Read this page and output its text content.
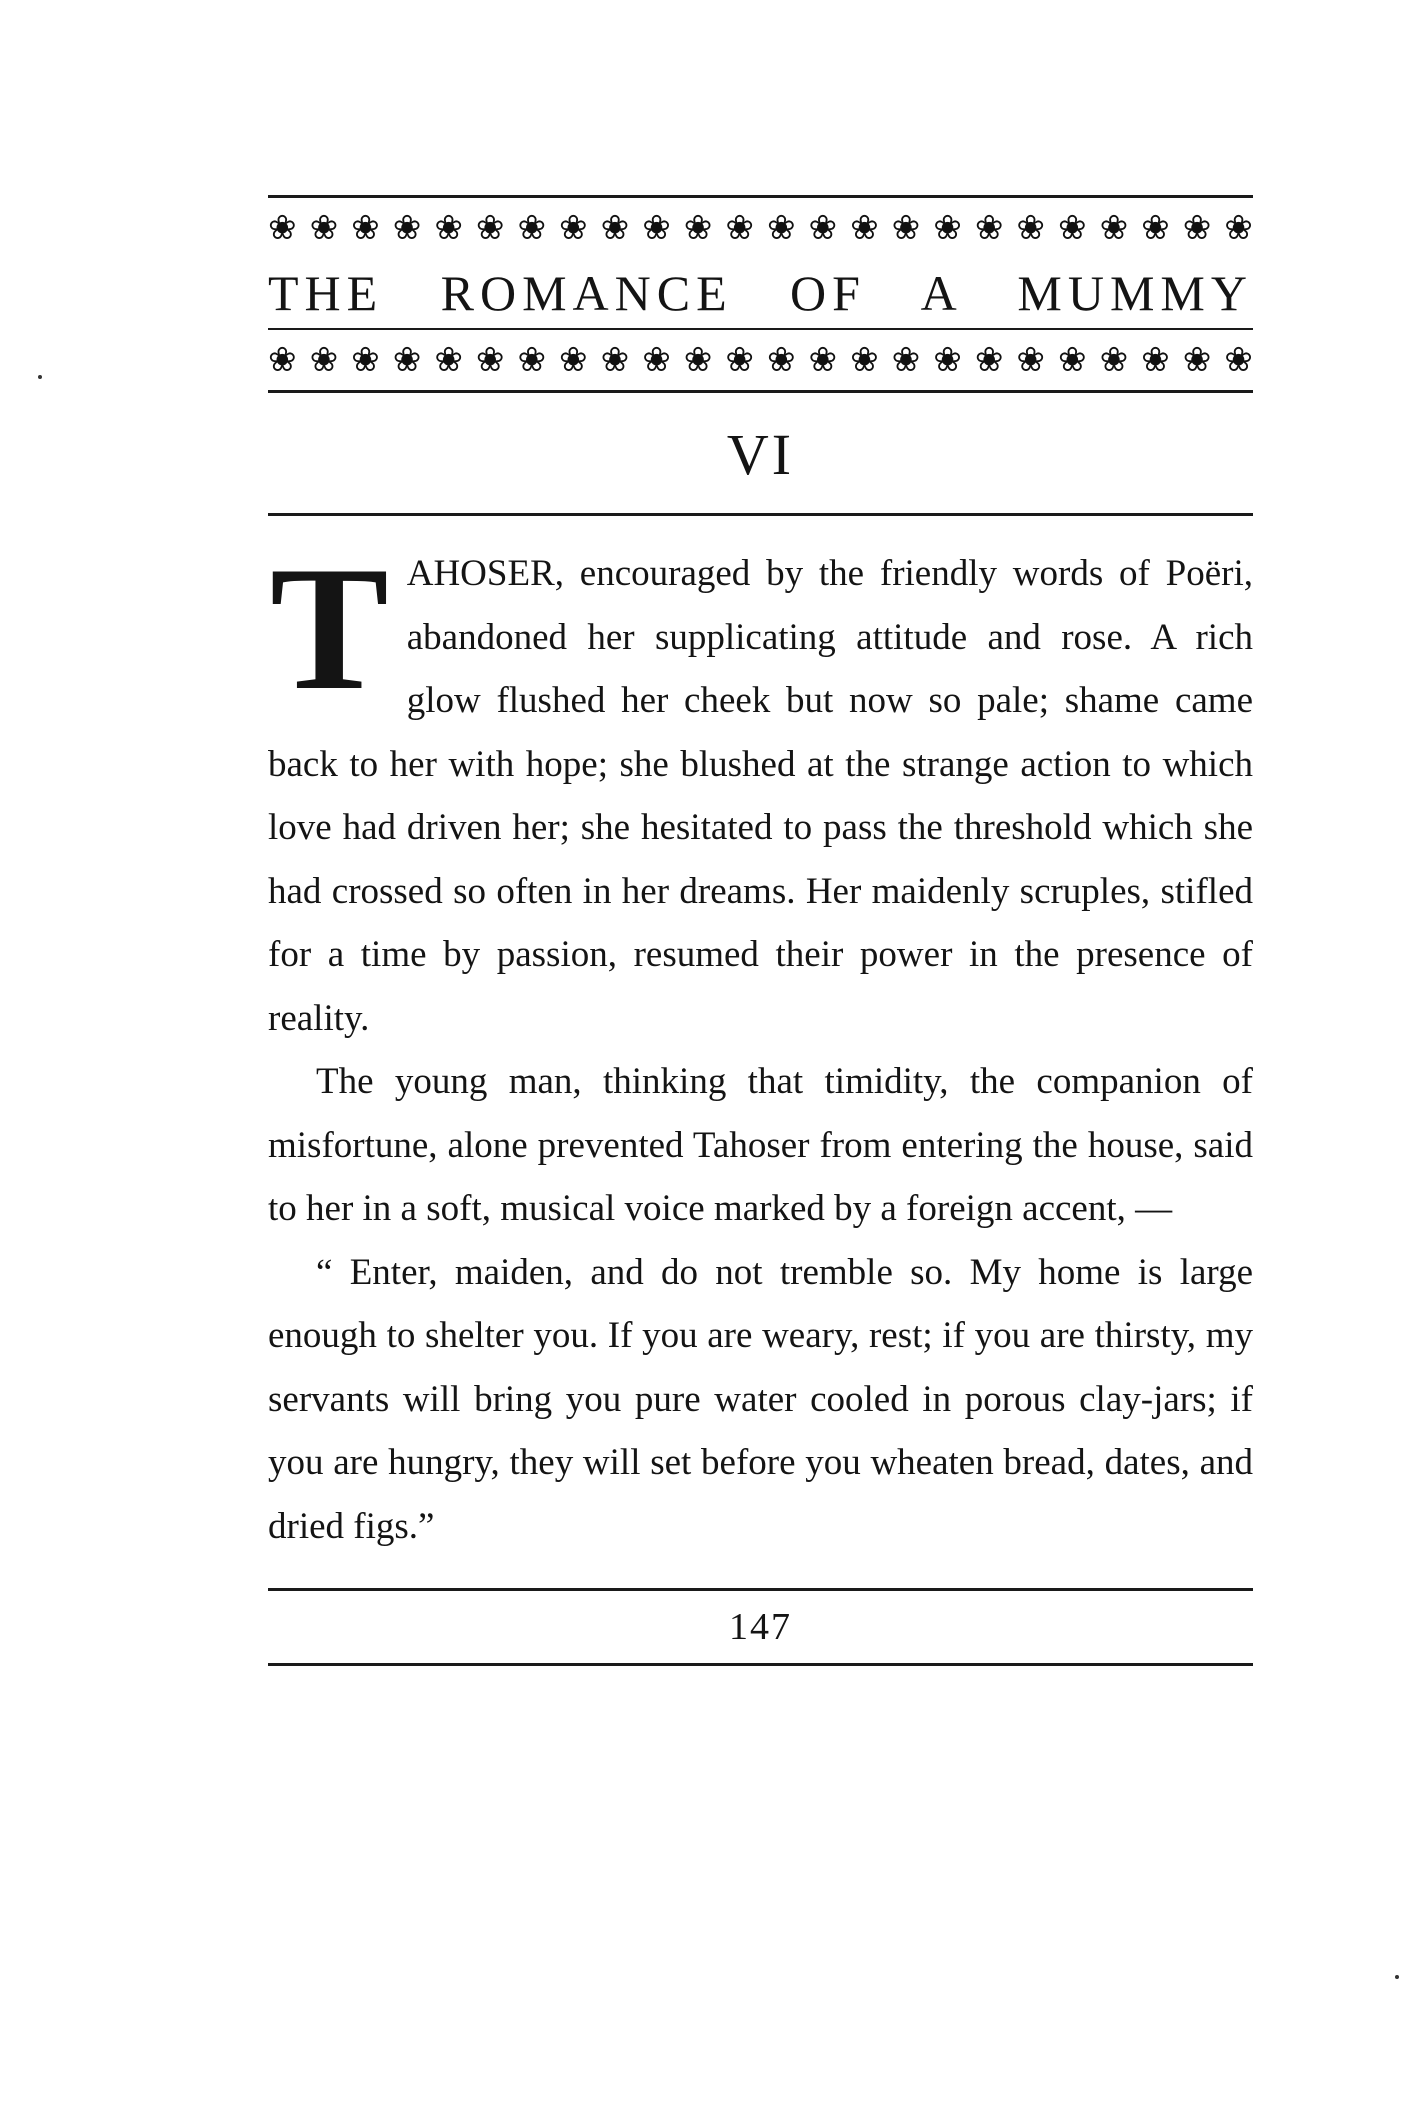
❀ ❀ ❀ ❀ ❀ ❀ ❀ ❀ ❀ ❀ ❀ ❀ ❀ ❀ ❀ ❀ ❀ ❀ ❀ ❀ ❀ ❀ ❀ ❀
THE ROMANCE OF A MUMMY
❀ ❀ ❀ ❀ ❀ ❀ ❀ ❀ ❀ ❀ ❀ ❀ ❀ ❀ ❀ ❀ ❀ ❀ ❀ ❀ ❀ ❀ ❀ ❀
VI

TAHOSER, encouraged by the friendly words of Poëri, abandoned her supplicating attitude and rose. A rich glow flushed her cheek but now so pale; shame came back to her with hope; she blushed at the strange action to which love had driven her; she hesitated to pass the threshold which she had crossed so often in her dreams. Her maidenly scruples, stifled for a time by passion, resumed their power in the presence of reality.

The young man, thinking that timidity, the companion of misfortune, alone prevented Tahoser from entering the house, said to her in a soft, musical voice marked by a foreign accent, —

“ Enter, maiden, and do not tremble so. My home is large enough to shelter you. If you are weary, rest; if you are thirsty, my servants will bring you pure water cooled in porous clay-jars; if you are hungry, they will set before you wheaten bread, dates, and dried figs.”

147
